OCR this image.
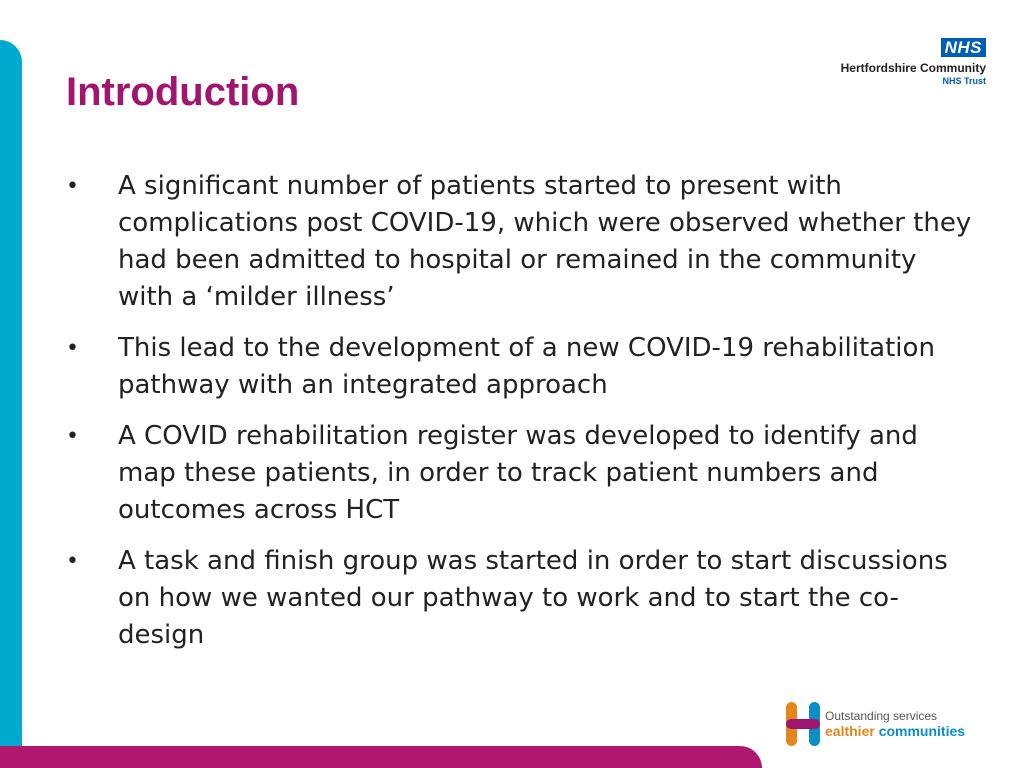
Introduction
NHS
Hertfordshire Community
NHS Trust
•	A significant number of patients started to present with complications post COVID-19, which were observed whether they had been admitted to hospital or remained in the community with a ‘milder illness’
•	This lead to the development of a new COVID-19 rehabilitation pathway with an integrated approach
•	A COVID rehabilitation register was developed to identify and map these patients, in order to track patient numbers and outcomes across HCT
•	A task and finish group was started in order to start discussions on how we wanted our pathway to work and to start the co-design
Outstanding services
ealthier communities
